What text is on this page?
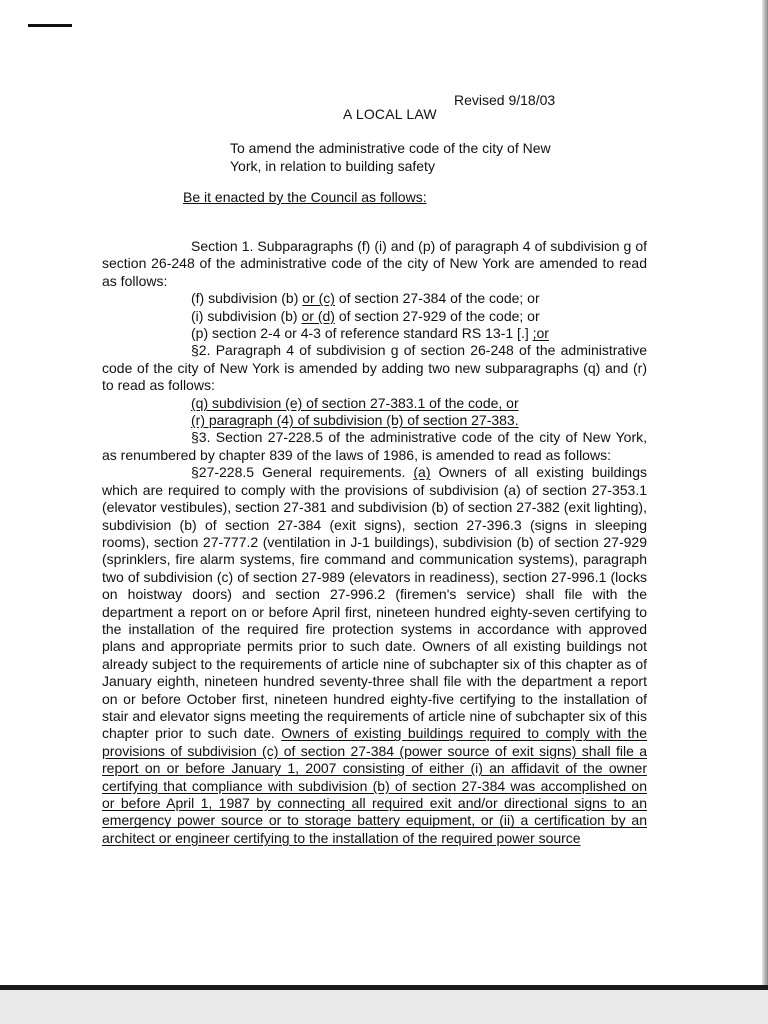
Revised 9/18/03
A LOCAL LAW
To amend the administrative code of the city of New York, in relation to building safety
Be it enacted by the Council as follows:

Section 1. Subparagraphs (f) (i) and (p) of paragraph 4 of subdivision g of section 26-248 of the administrative code of the city of New York are amended to read as follows:

(f) subdivision (b) or (c) of section 27-384 of the code; or

(i) subdivision (b) or (d) of section 27-929 of the code; or

(p) section 2-4 or 4-3 of reference standard RS 13-1 [.] ;or

§2. Paragraph 4 of subdivision g of section 26-248 of the administrative code of the city of New York is amended by adding two new subparagraphs (q) and (r) to read as follows:

(q) subdivision (e) of section 27-383.1 of the code, or

(r) paragraph (4) of subdivision (b) of section 27-383.

§3. Section 27-228.5 of the administrative code of the city of New York, as renumbered by chapter 839 of the laws of 1986, is amended to read as follows:

§27-228.5 General requirements. (a) Owners of all existing buildings which are required to comply with the provisions of subdivision (a) of section 27-353.1 (elevator vestibules), section 27-381 and subdivision (b) of section 27-382 (exit lighting), subdivision (b) of section 27-384 (exit signs), section 27-396.3 (signs in sleeping rooms), section 27-777.2 (ventilation in J-1 buildings), subdivision (b) of section 27-929 (sprinklers, fire alarm systems, fire command and communication systems), paragraph two of subdivision (c) of section 27-989 (elevators in readiness), section 27-996.1 (locks on hoistway doors) and section 27-996.2 (firemen's service) shall file with the department a report on or before April first, nineteen hundred eighty-seven certifying to the installation of the required fire protection systems in accordance with approved plans and appropriate permits prior to such date. Owners of all existing buildings not already subject to the requirements of article nine of subchapter six of this chapter as of January eighth, nineteen hundred seventy-three shall file with the department a report on or before October first, nineteen hundred eighty-five certifying to the installation of stair and elevator signs meeting the requirements of article nine of subchapter six of this chapter prior to such date. Owners of existing buildings required to comply with the provisions of subdivision (c) of section 27-384 (power source of exit signs) shall file a report on or before January 1, 2007 consisting of either (i) an affidavit of the owner certifying that compliance with subdivision (b) of section 27-384 was accomplished on or before April 1, 1987 by connecting all required exit and/or directional signs to an emergency power source or to storage battery equipment, or (ii) a certification by an architect or engineer certifying to the installation of the required power source
